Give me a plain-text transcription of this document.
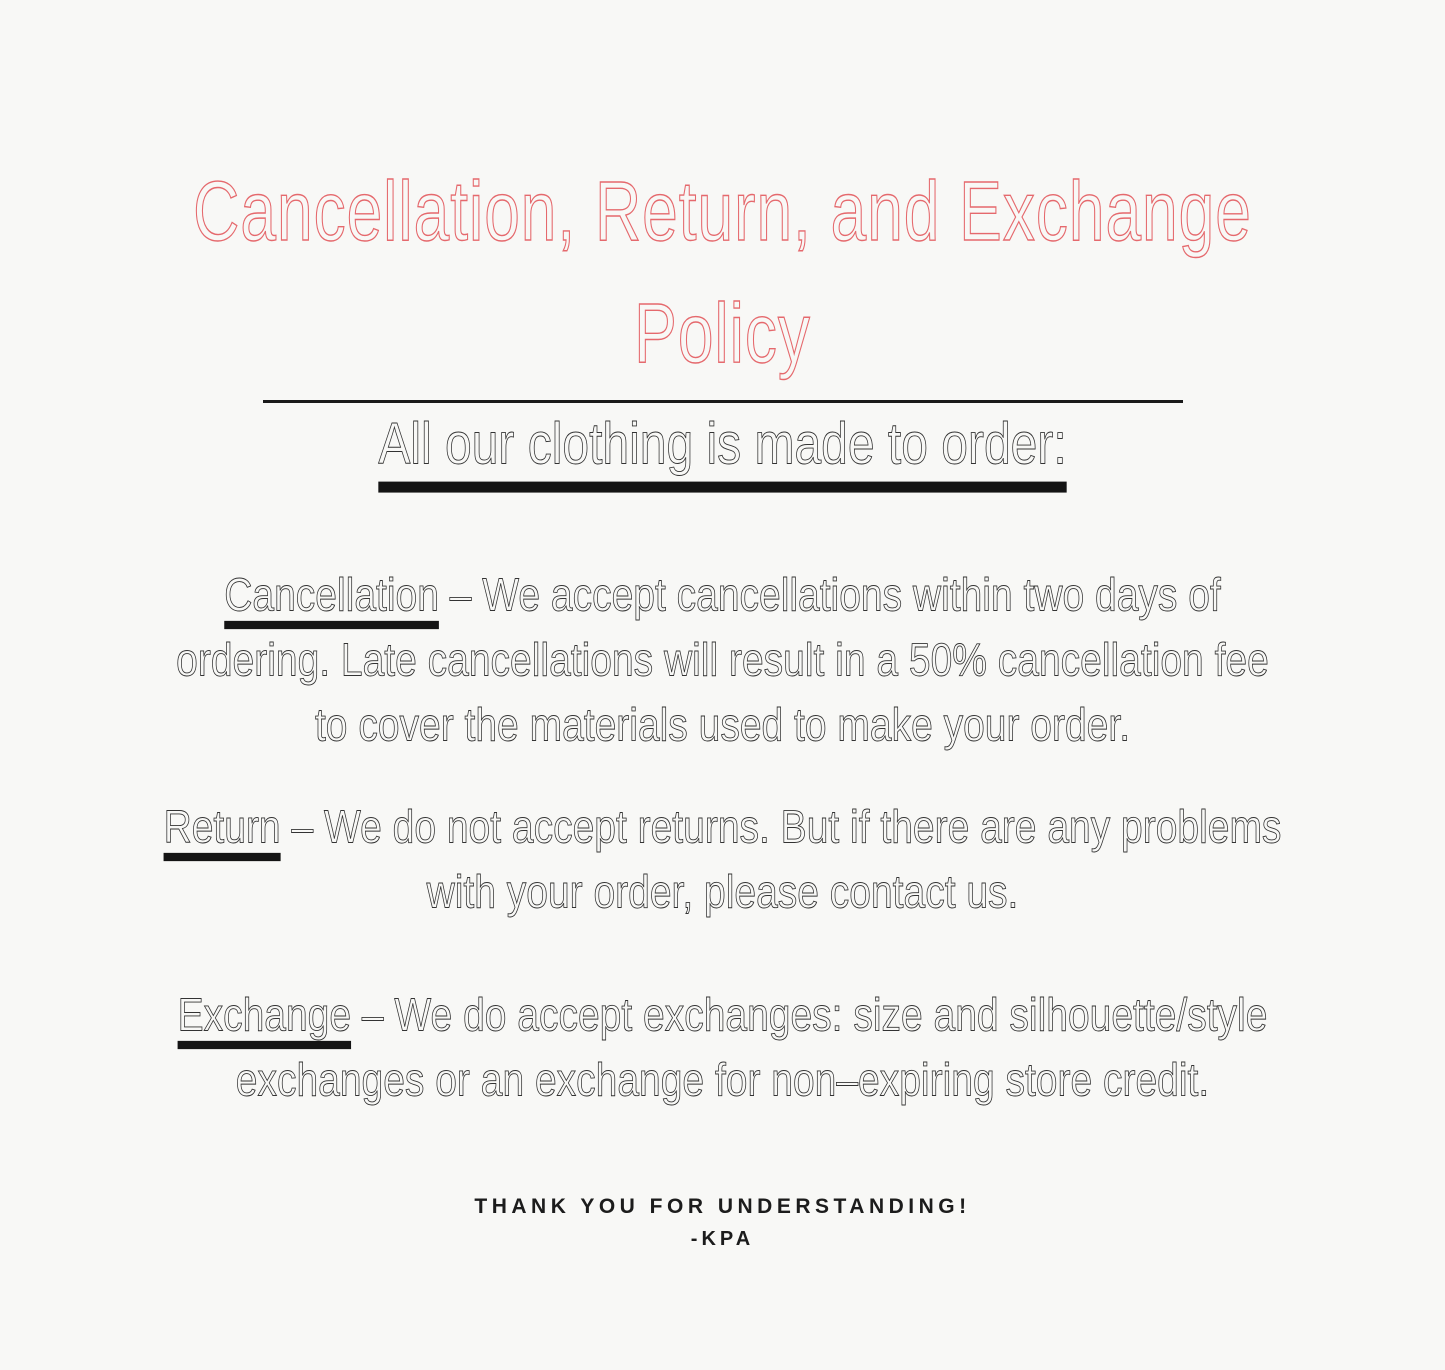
Cancellation, Return, and Exchange
Policy
All our clothing is made to order:
Cancellation – We accept cancellations within two days of
ordering. Late cancellations will result in a 50% cancellation fee
to cover the materials used to make your order.
Return – We do not accept returns. But if there are any problems
with your order, please contact us.
Exchange – We do accept exchanges: size and silhouette/style
exchanges or an exchange for non–expiring store credit.
THANK YOU FOR UNDERSTANDING!
-KPA
